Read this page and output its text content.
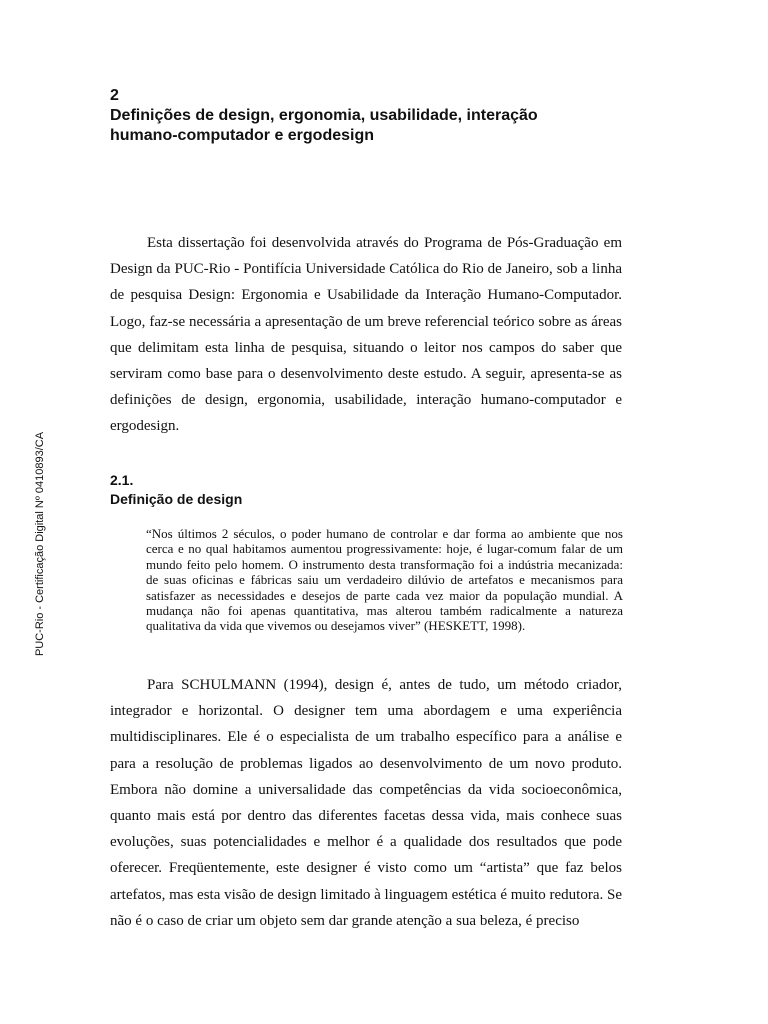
PUC-Rio - Certificação Digital Nº 0410893/CA
2
Definições de design, ergonomia, usabilidade, interação
humano-computador e ergodesign

Esta dissertação foi desenvolvida através do Programa de Pós-Graduação em Design da PUC-Rio - Pontifícia Universidade Católica do Rio de Janeiro, sob a linha de pesquisa Design: Ergonomia e Usabilidade da Interação Humano-Computador. Logo, faz-se necessária a apresentação de um breve referencial teórico sobre as áreas que delimitam esta linha de pesquisa, situando o leitor nos campos do saber que serviram como base para o desenvolvimento deste estudo. A seguir, apresenta-se as definições de design, ergonomia, usabilidade, interação humano-computador e ergodesign.

2.1.
Definição de design

“Nos últimos 2 séculos, o poder humano de controlar e dar forma ao ambiente que nos cerca e no qual habitamos aumentou progressivamente: hoje, é lugar-comum falar de um mundo feito pelo homem. O instrumento desta transformação foi a indústria mecanizada: de suas oficinas e fábricas saiu um verdadeiro dilúvio de artefatos e mecanismos para satisfazer as necessidades e desejos de parte cada vez maior da população mundial. A mudança não foi apenas quantitativa, mas alterou também radicalmente a natureza qualitativa da vida que vivemos ou desejamos viver” (HESKETT, 1998).

Para SCHULMANN (1994), design é, antes de tudo, um método criador, integrador e horizontal. O designer tem uma abordagem e uma experiência multidisciplinares. Ele é o especialista de um trabalho específico para a análise e para a resolução de problemas ligados ao desenvolvimento de um novo produto. Embora não domine a universalidade das competências da vida socioeconômica, quanto mais está por dentro das diferentes facetas dessa vida, mais conhece suas evoluções, suas potencialidades e melhor é a qualidade dos resultados que pode oferecer. Freqüentemente, este designer é visto como um “artista” que faz belos artefatos, mas esta visão de design limitado à linguagem estética é muito redutora. Se não é o caso de criar um objeto sem dar grande atenção a sua beleza, é preciso
